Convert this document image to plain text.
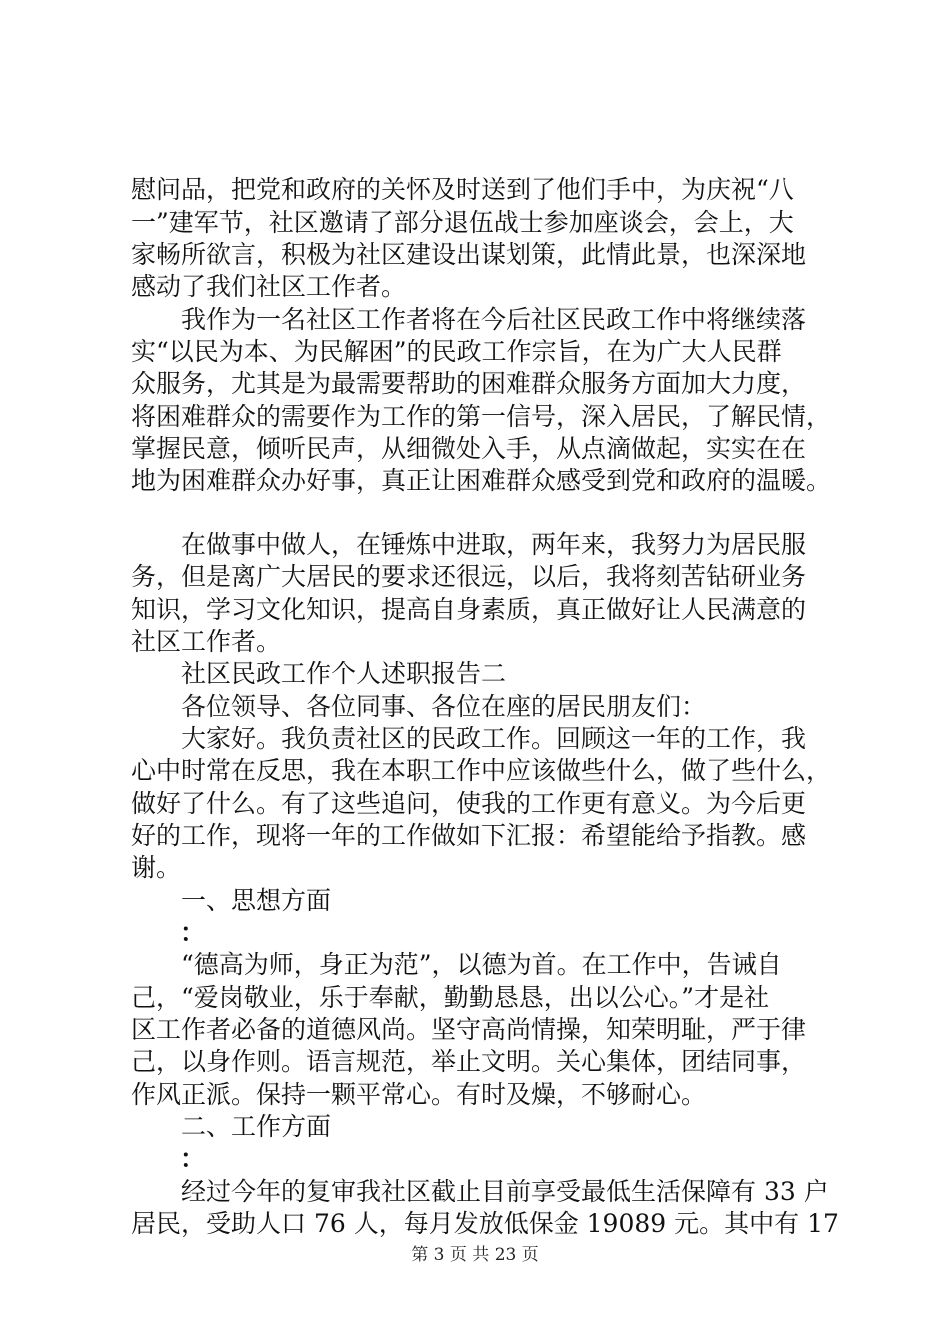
慰问品，把党和政府的关怀及时送到了他们手中，为庆祝“八
一”建军节，社区邀请了部分退伍战士参加座谈会，会上，大
家畅所欲言，积极为社区建设出谋划策，此情此景，也深深地
感动了我们社区工作者。
我作为一名社区工作者将在今后社区民政工作中将继续落
实“以民为本、为民解困”的民政工作宗旨，在为广大人民群
众服务，尤其是为最需要帮助的困难群众服务方面加大力度，
将困难群众的需要作为工作的第一信号，深入居民，了解民情，
掌握民意，倾听民声，从细微处入手，从点滴做起，实实在在
地为困难群众办好事，真正让困难群众感受到党和政府的温暖。
在做事中做人，在锤炼中进取，两年来，我努力为居民服
务，但是离广大居民的要求还很远，以后，我将刻苦钻研业务
知识，学习文化知识，提高自身素质，真正做好让人民满意的
社区工作者。
社区民政工作个人述职报告二
各位领导、各位同事、各位在座的居民朋友们：
大家好。我负责社区的民政工作。回顾这一年的工作，我
心中时常在反思，我在本职工作中应该做些什么，做了些什么，
做好了什么。有了这些追问，使我的工作更有意义。为今后更
好的工作，现将一年的工作做如下汇报：希望能给予指教。感
谢。
一、思想方面
：
“德高为师，身正为范”，以德为首。在工作中，告诫自
己，“爱岗敬业，乐于奉献，勤勤恳恳，出以公心。”才是社
区工作者必备的道德风尚。坚守高尚情操，知荣明耻，严于律
己，以身作则。语言规范，举止文明。关心集体，团结同事，
作风正派。保持一颗平常心。有时及燥，不够耐心。
二、工作方面
：
经过今年的复审我社区截止目前享受最低生活保障有 33 户
居民，受助人口 76 人，每月发放低保金 19089 元。其中有 17
第 3 页 共 23 页
